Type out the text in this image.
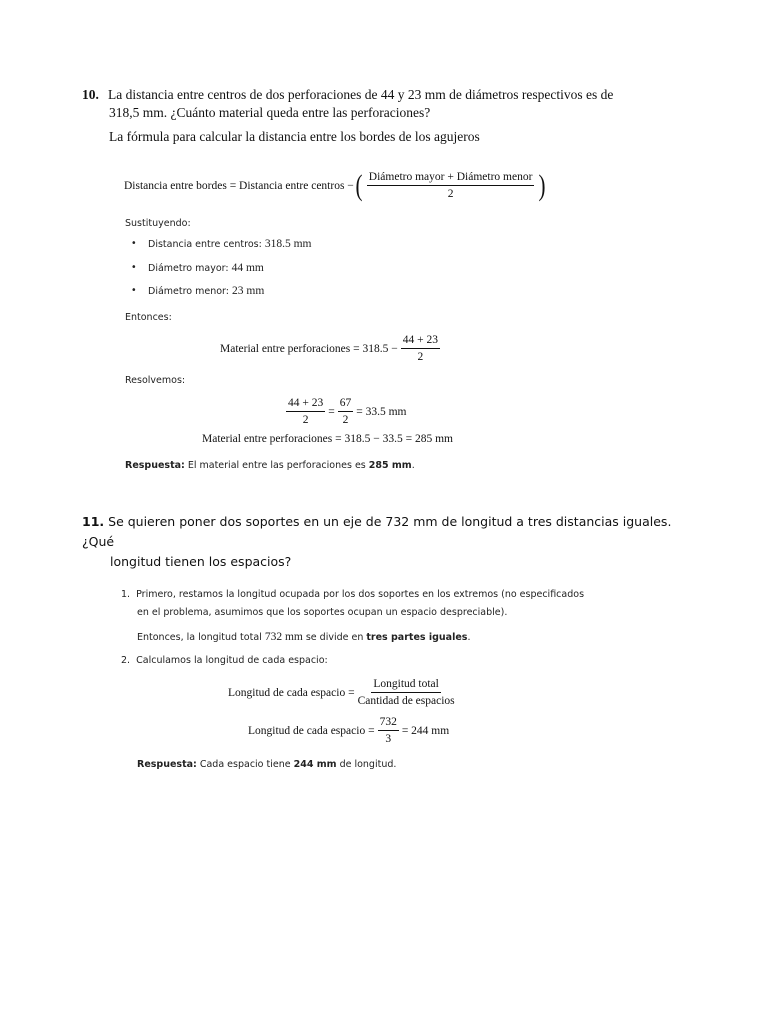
10. La distancia entre centros de dos perforaciones de 44 y 23 mm de diámetros respectivos es de
318,5 mm. ¿Cuánto material queda entre las perforaciones?
La fórmula para calcular la distancia entre los bordes de los agujeros
Distancia entre bordes = Distancia entre centros − ( $\frac{\text{Diámetro mayor + Diámetro menor}}{2}$ )
Sustituyendo:
• Distancia entre centros: 318.5 mm
• Diámetro mayor: 44 mm
• Diámetro menor: 23 mm
Entonces:
Material entre perforaciones = $318.5 - \frac{44 + 23}{2}$
Resolvemos:
$\frac{44 + 23}{2} = \frac{67}{2} = 33.5$ mm
Material entre perforaciones = 318.5 − 33.5 = 285 mm
Respuesta: El material entre las perforaciones es 285 mm.
11. Se quieren poner dos soportes en un eje de 732 mm de longitud a tres distancias iguales. ¿Qué
longitud tienen los espacios?
1. Primero, restamos la longitud ocupada por los dos soportes en los extremos (no especificados
en el problema, asumimos que los soportes ocupan un espacio despreciable).
Entonces, la longitud total 732 mm se divide en tres partes iguales.
2. Calculamos la longitud de cada espacio:
Longitud de cada espacio = $\frac{\text{Longitud total}}{\text{Cantidad de espacios}}$
Longitud de cada espacio = $\frac{732}{3} = 244$ mm
Respuesta: Cada espacio tiene 244 mm de longitud.
